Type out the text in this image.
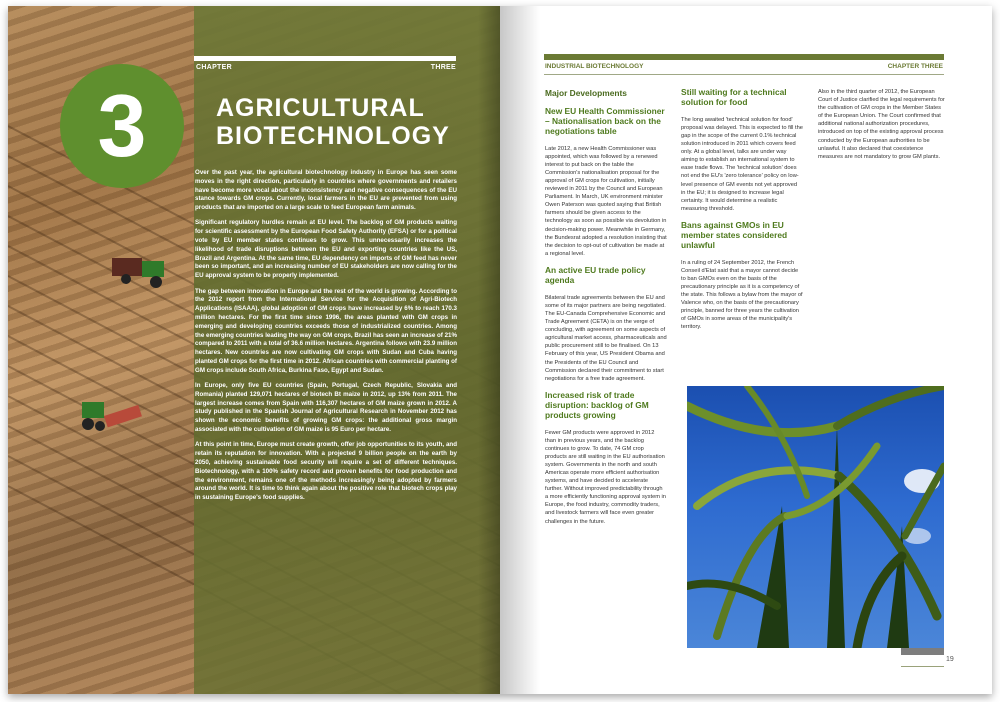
CHAPTER	THREE
3	AGRICULTURAL
BIOTECHNOLOGY

Over the past year, the agricultural biotechnology industry in Europe has seen some moves in the right direction, particularly in countries where governments and retailers have become more vocal about the inconsistency and negative consequences of the EU stance towards GM crops. Currently, local farmers in the EU are prevented from using products that are imported on a large scale to feed European farm animals.

Significant regulatory hurdles remain at EU level. The backlog of GM products waiting for scientific assessment by the European Food Safety Authority (EFSA) or for a political vote by EU member states continues to grow. This unnecessarily increases the likelihood of trade disruptions between the EU and exporting countries like the US, Brazil and Argentina. At the same time, EU dependency on imports of GM feed has never been so important, and an increasing number of EU stakeholders are now calling for the EU approval system to be properly implemented.

The gap between innovation in Europe and the rest of the world is growing. According to the 2012 report from the International Service for the Acquisition of Agri-Biotech Applications (ISAAA), global adoption of GM crops have increased by 6% to reach 170.3 million hectares. For the first time since 1996, the areas planted with GM crops in emerging and developing countries exceeds those of industrialized countries. Among the emerging countries leading the way on GM crops, Brazil has seen an increase of 21% compared to 2011 with a total of 36.6 million hectares. Argentina follows with 23.9 million hectares. New countries are now cultivating GM crops with Sudan and Cuba having planted GM crops for the first time in 2012. African countries with commercial planting of GM crops include South Africa, Burkina Faso, Egypt and Sudan.

In Europe, only five EU countries (Spain, Portugal, Czech Republic, Slovakia and Romania) planted 129,071 hectares of biotech Bt maize in 2012, up 13% from 2011. The largest increase comes from Spain with 116,307 hectares of GM maize grown in 2012. A study published in the Spanish Journal of Agricultural Research in November 2012 has shown the economic benefits of growing GM crops: the additional gross margin associated with the cultivation of GM maize is 95 Euro per hectare.

At this point in time, Europe must create growth, offer job opportunities to its youth, and retain its reputation for innovation. With a projected 9 billion people on the earth by 2050, achieving sustainable food security will require a set of different techniques. Biotechnology, with a 100% safety record and proven benefits for food production and the environment, remains one of the methods increasingly being adopted by farmers around the world. It is time to think again about the positive role that biotech crops play in sustaining Europe's food supplies.

INDUSTRIAL BIOTECHNOLOGY	CHAPTER THREE
Major Developments
New EU Health Commissioner – Nationalisation back on the negotiations table

Late 2012, a new Health Commissioner was appointed, which was followed by a renewed interest to put back on the table the Commission's nationalisation proposal for the approval of GM crops for cultivation, initially reviewed in 2011 by the Council and European Parliament. In March, UK environment minister Owen Paterson was quoted saying that British farmers should be given access to the technology as soon as possible via devolution in decision-making power. Meanwhile in Germany, the Bundesrat adopted a resolution insisting that the decision to opt-out of cultivation be made at a regional level.

An active EU trade policy agenda

Bilateral trade agreements between the EU and some of its major partners are being negotiated. The EU-Canada Comprehensive Economic and Trade Agreement (CETA) is on the verge of concluding, with agreement on some aspects of agricultural market access, pharmaceuticals and public procurement still to be finalised. On 13 February of this year, US President Obama and the Presidents of the EU Council and Commission declared their commitment to start negotiations for a free trade agreement.

Increased risk of trade disruption: backlog of GM products growing

Fewer GM products were approved in 2012 than in previous years, and the backlog continues to grow. To date, 74 GM crop products are still waiting in the EU authorisation system. Governments in the north and south Americas operate more efficient authorisation systems, and have decided to accelerate further. Without improved predictability through a more efficiently functioning approval system in Europe, the food industry, commodity traders, and livestock farmers will face even greater challenges in the future.

Still waiting for a technical solution for food

The long awaited 'technical solution for food' proposal was delayed. This is expected to fill the gap in the scope of the current 0.1% technical solution introduced in 2011 which covers feed only. At a global level, talks are under way aiming to establish an international system to ease trade flows. The 'technical solution' does not end the EU's 'zero tolerance' policy on low-level presence of GM events not yet approved in the EU; it is designed to increase legal certainty. It would determine a realistic measuring threshold.

Bans against GMOs in EU member states considered unlawful

In a ruling of 24 September 2012, the French Conseil d'Etat said that a mayor cannot decide to ban GMOs even on the basis of the precautionary principle as it is a competency of the state. This follows a bylaw from the mayor of Valence who, on the basis of the precautionary principle, banned for three years the cultivation of GMOs in some areas of the municipality's territory.

Also in the third quarter of 2012, the European Court of Justice clarified the legal requirements for the cultivation of GM crops in the Member States of the European Union. The Court confirmed that additional national authorization procedures, introduced on top of the existing approval process conducted by the European authorities to be unlawful. It also declared that coexistence measures are not mandatory to grow GM plants.

19
